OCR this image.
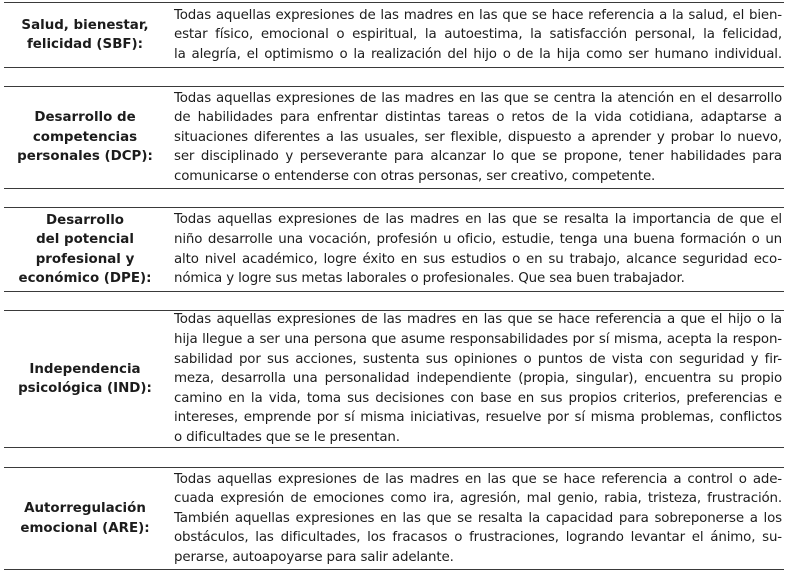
Salud, bienestar,
felicidad (SBF):
Todas aquellas expresiones de las madres en las que se hace referencia a la salud, el bien-
estar físico, emocional o espiritual, la autoestima, la satisfacción personal, la felicidad,
la alegría, el optimismo o la realización del hijo o de la hija como ser humano individual.
Desarrollo de
competencias
personales (DCP):
Todas aquellas expresiones de las madres en las que se centra la atención en el desarrollo
de habilidades para enfrentar distintas tareas o retos de la vida cotidiana, adaptarse a
situaciones diferentes a las usuales, ser flexible, dispuesto a aprender y probar lo nuevo,
ser disciplinado y perseverante para alcanzar lo que se propone, tener habilidades para
comunicarse o entenderse con otras personas, ser creativo, competente.
Desarrollo
del potencial
profesional y
económico (DPE):
Todas aquellas expresiones de las madres en las que se resalta la importancia de que el
niño desarrolle una vocación, profesión u oficio, estudie, tenga una buena formación o un
alto nivel académico, logre éxito en sus estudios o en su trabajo, alcance seguridad eco-
nómica y logre sus metas laborales o profesionales. Que sea buen trabajador.
Independencia
psicológica (IND):
Todas aquellas expresiones de las madres en las que se hace referencia a que el hijo o la
hija llegue a ser una persona que asume responsabilidades por sí misma, acepta la respon-
sabilidad por sus acciones, sustenta sus opiniones o puntos de vista con seguridad y fir-
meza, desarrolla una personalidad independiente (propia, singular), encuentra su propio
camino en la vida, toma sus decisiones con base en sus propios criterios, preferencias e
intereses, emprende por sí misma iniciativas, resuelve por sí misma problemas, conflictos
o dificultades que se le presentan.
Autorregulación
emocional (ARE):
Todas aquellas expresiones de las madres en las que se hace referencia a control o ade-
cuada expresión de emociones como ira, agresión, mal genio, rabia, tristeza, frustración.
También aquellas expresiones en las que se resalta la capacidad para sobreponerse a los
obstáculos, las dificultades, los fracasos o frustraciones, logrando levantar el ánimo, su-
perarse, autoapoyarse para salir adelante.
